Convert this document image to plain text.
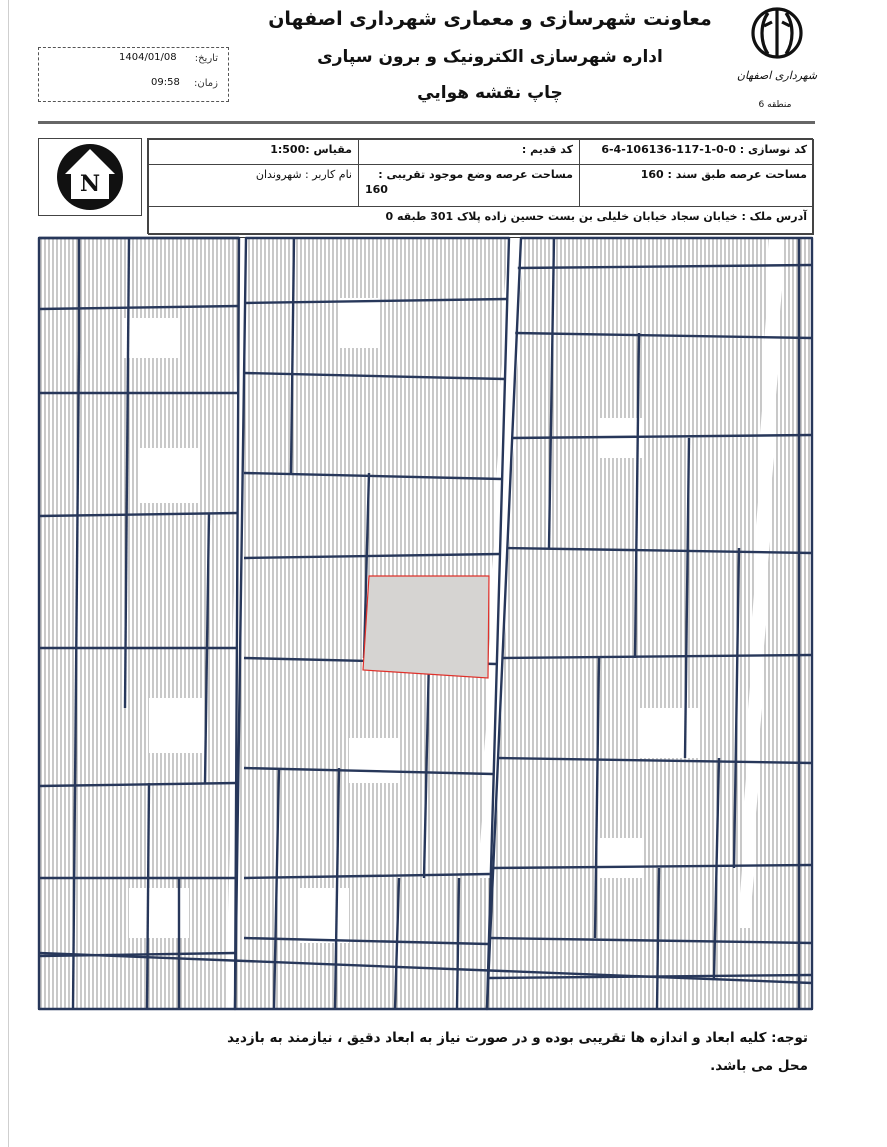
معاونت شهرسازی و معماری شهرداری اصفهان
اداره شهرسازی الکترونیک و برون سپاری
چاپ نقشه هوايي
شهرداری اصفهان
منطقه 6
تاریخ:
1404/01/08
زمان:
09:58
N
کد نوسازی : 0-0-1-117-106136-4-6
کد قدیم :
مقیاس :1:500
مساحت عرصه طبق سند : 160
مساحت عرصه وضع موجود تقریبی :
160
نام کاربر : شهروندان
آدرس ملک : خیابان سجاد خیابان خلیلی بن بست حسین زاده پلاک 301 طبقه 0
توجه: کلیه ابعاد و اندازه ها تقریبی بوده و در صورت نیاز به ابعاد دقیق ، نیازمند به بازدید محل می باشد.
